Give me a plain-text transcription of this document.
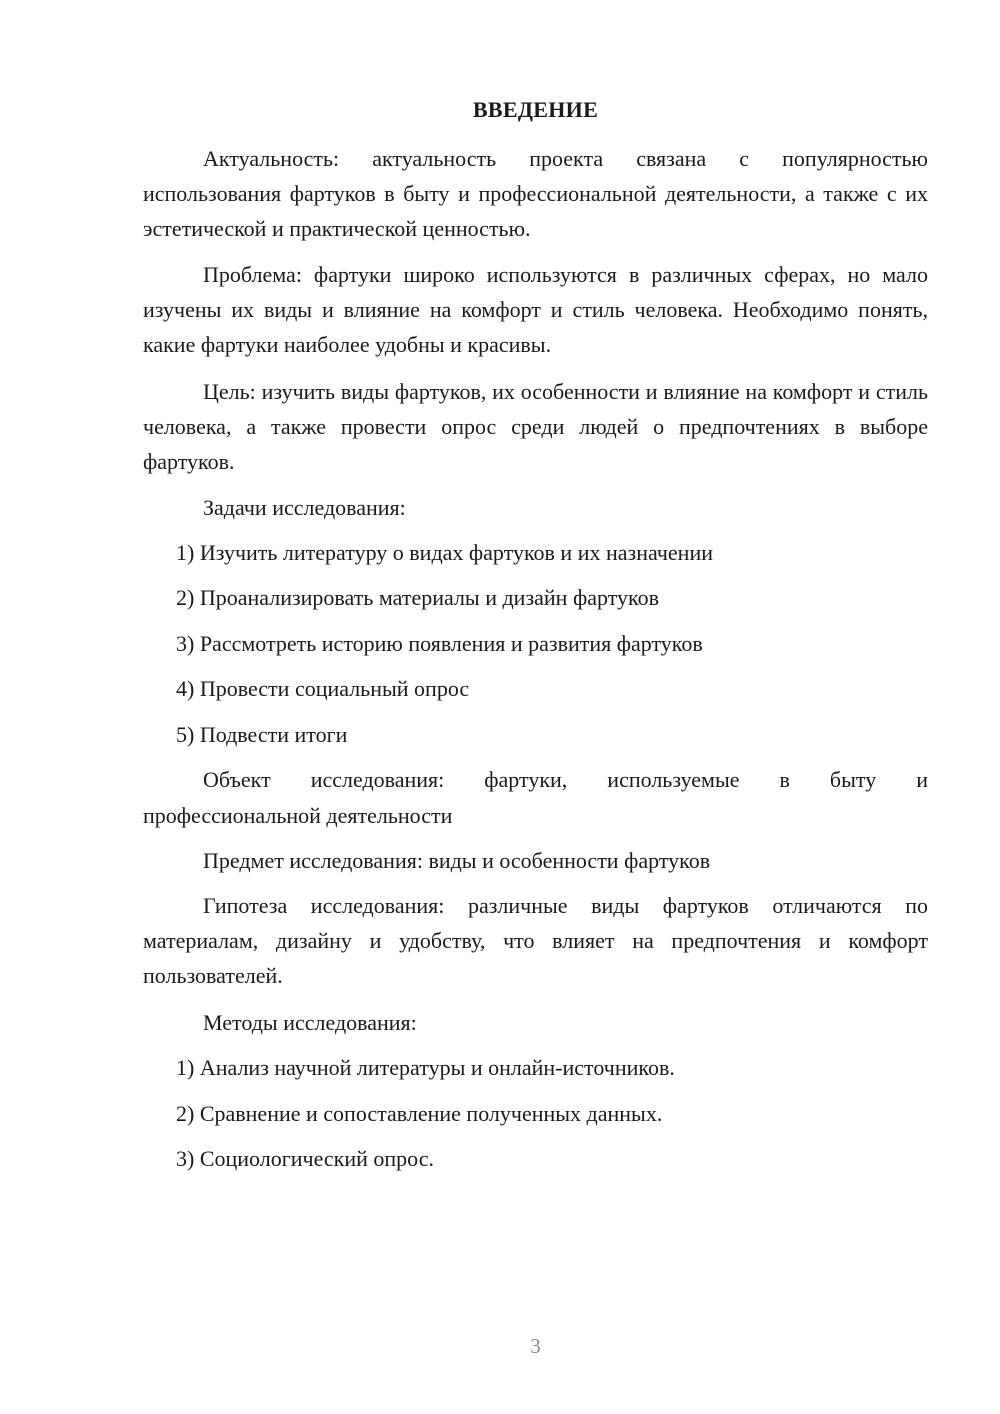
ВВЕДЕНИЕ

Актуальность: актуальность проекта связана с популярностью использования фартуков в быту и профессиональной деятельности, а также с их эстетической и практической ценностью.

Проблема: фартуки широко используются в различных сферах, но мало изучены их виды и влияние на комфорт и стиль человека. Необходимо понять, какие фартуки наиболее удобны и красивы.

Цель: изучить виды фартуков, их особенности и влияние на комфорт и стиль человека, а также провести опрос среди людей о предпочтениях в выборе фартуков.

Задачи исследования:

1) Изучить литературу о видах фартуков и их назначении

2) Проанализировать материалы и дизайн фартуков

3) Рассмотреть историю появления и развития фартуков

4) Провести социальный опрос

5) Подвести итоги

Объект исследования: фартуки, используемые в быту и

профессиональной деятельности

Предмет исследования: виды и особенности фартуков

Гипотеза исследования: различные виды фартуков отличаются по материалам, дизайну и удобству, что влияет на предпочтения и комфорт пользователей.

Методы исследования:

1) Анализ научной литературы и онлайн-источников.

2) Сравнение и сопоставление полученных данных.

3) Социологический опрос.

3
